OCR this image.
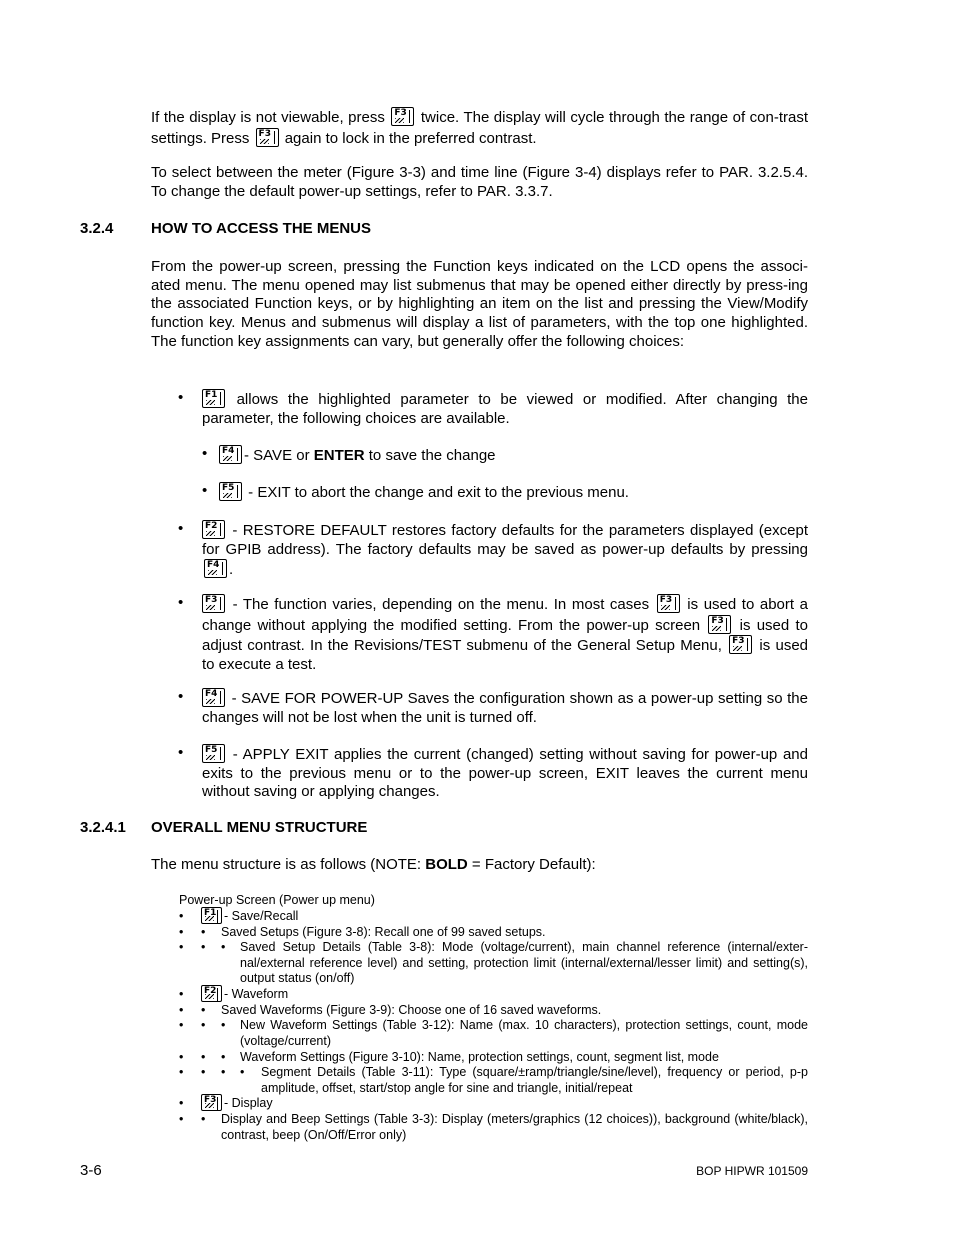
If the display is not viewable, press F3 twice. The display will cycle through the range of con-trast settings. Press F3 again to lock in the preferred contrast.
To select between the meter (Figure 3-3) and time line (Figure 3-4) displays refer to PAR. 3.2.5.4. To change the default power-up settings, refer to PAR. 3.3.7.
3.2.4	HOW TO ACCESS THE MENUS
From the power-up screen, pressing the Function keys indicated on the LCD opens the associ-ated menu. The menu opened may list submenus that may be opened either directly by press-ing the associated Function keys, or by highlighting an item on the list and pressing the View/Modify function key. Menus and submenus will display a list of parameters, with the top one highlighted. The function key assignments can vary, but generally offer the following choices:
• F1	allows the highlighted parameter to be viewed or modified. After changing the parameter, the following choices are available.
• F4	- SAVE or ENTER to save the change
• F5	- EXIT to abort the change and exit to the previous menu.
• F2	- RESTORE DEFAULT restores factory defaults for the parameters displayed (except for GPIB address). The factory defaults may be saved as power-up defaults by pressing F4
.
• F3	- The function varies, depending on the menu. In most cases F3	is used to abort a change without applying the modified setting. From the power-up screen F3	is used to adjust contrast. In the Revisions/TEST submenu of the General Setup Menu, F3	is used to execute a test.
• F4	- SAVE FOR POWER-UP Saves the configuration shown as a power-up setting so the changes will not be lost when the unit is turned off.
• F5	- APPLY EXIT applies the current (changed) setting without saving for power-up and exits to the previous menu or to the power-up screen, EXIT leaves the current menu without saving or applying changes.
3.2.4.1 OVERALL MENU STRUCTURE
The menu structure is as follows (NOTE: BOLD = Factory Default):
Power-up Screen (Power up menu)
• F1	- Save/Recall
• • Saved Setups (Figure 3-8): Recall one of 99 saved setups.
• • • Saved Setup Details (Table 3-8): Mode (voltage/current), main channel reference (internal/exter-nal/external reference level) and setting, protection limit (internal/external/lesser limit) and setting(s), output status (on/off)
• F2	- Waveform
• • Saved Waveforms (Figure 3-9): Choose one of 16 saved waveforms.
• • • New Waveform Settings (Table 3-12): Name (max. 10 characters), protection settings, count, mode (voltage/current)
• • • Waveform Settings (Figure 3-10): Name, protection settings, count, segment list, mode
• • • • Segment Details (Table 3-11): Type (square/±ramp/triangle/sine/level), frequency or period, p-p amplitude, offset, start/stop angle for sine and triangle, initial/repeat
• F3	- Display
• • Display and Beep Settings (Table 3-3): Display (meters/graphics (12 choices)), background (white/black), contrast, beep (On/Off/Error only)
3-6	BOP HIPWR 101509
